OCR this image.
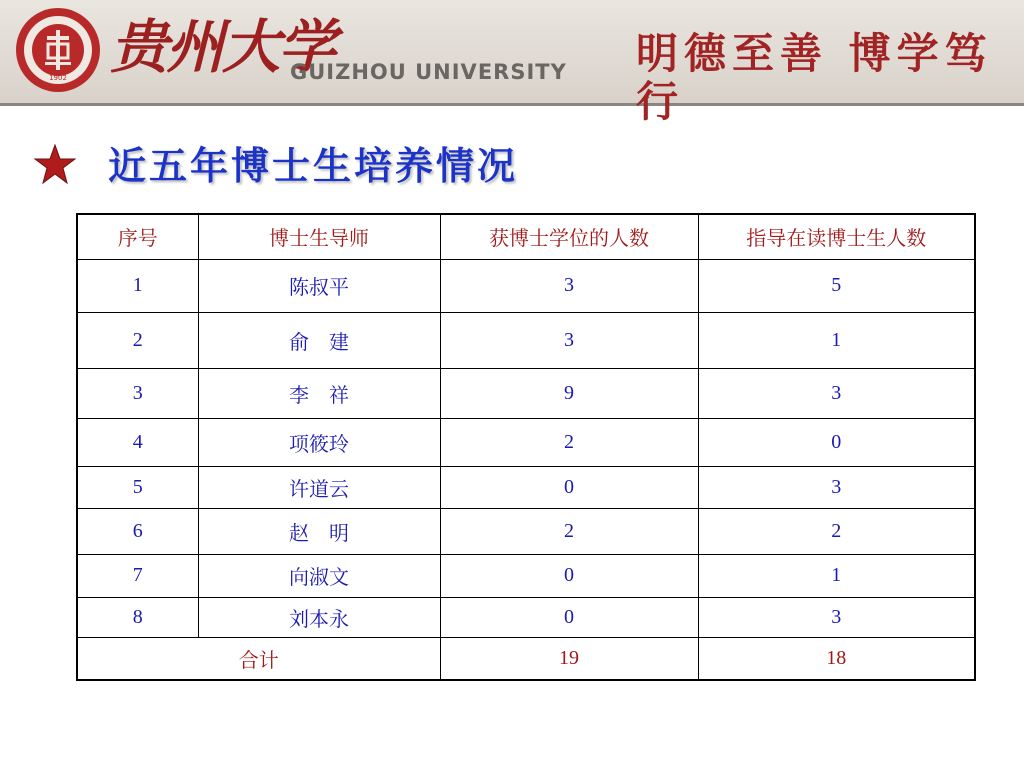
1902 贵州大学
GUIZHOU UNIVERSITY 明德至善 博学笃行
近五年博士生培养情况
序号	博士生导师	获博士学位的人数	指导在读博士生人数
1	陈叔平	3	5
2	俞　建	3	1
3	李　祥	9	3
4	项筱玲	2	0
5	许道云	0	3
6	赵　明	2	2
7	向淑文	0	1
8	刘本永	0	3
合计		19	18
